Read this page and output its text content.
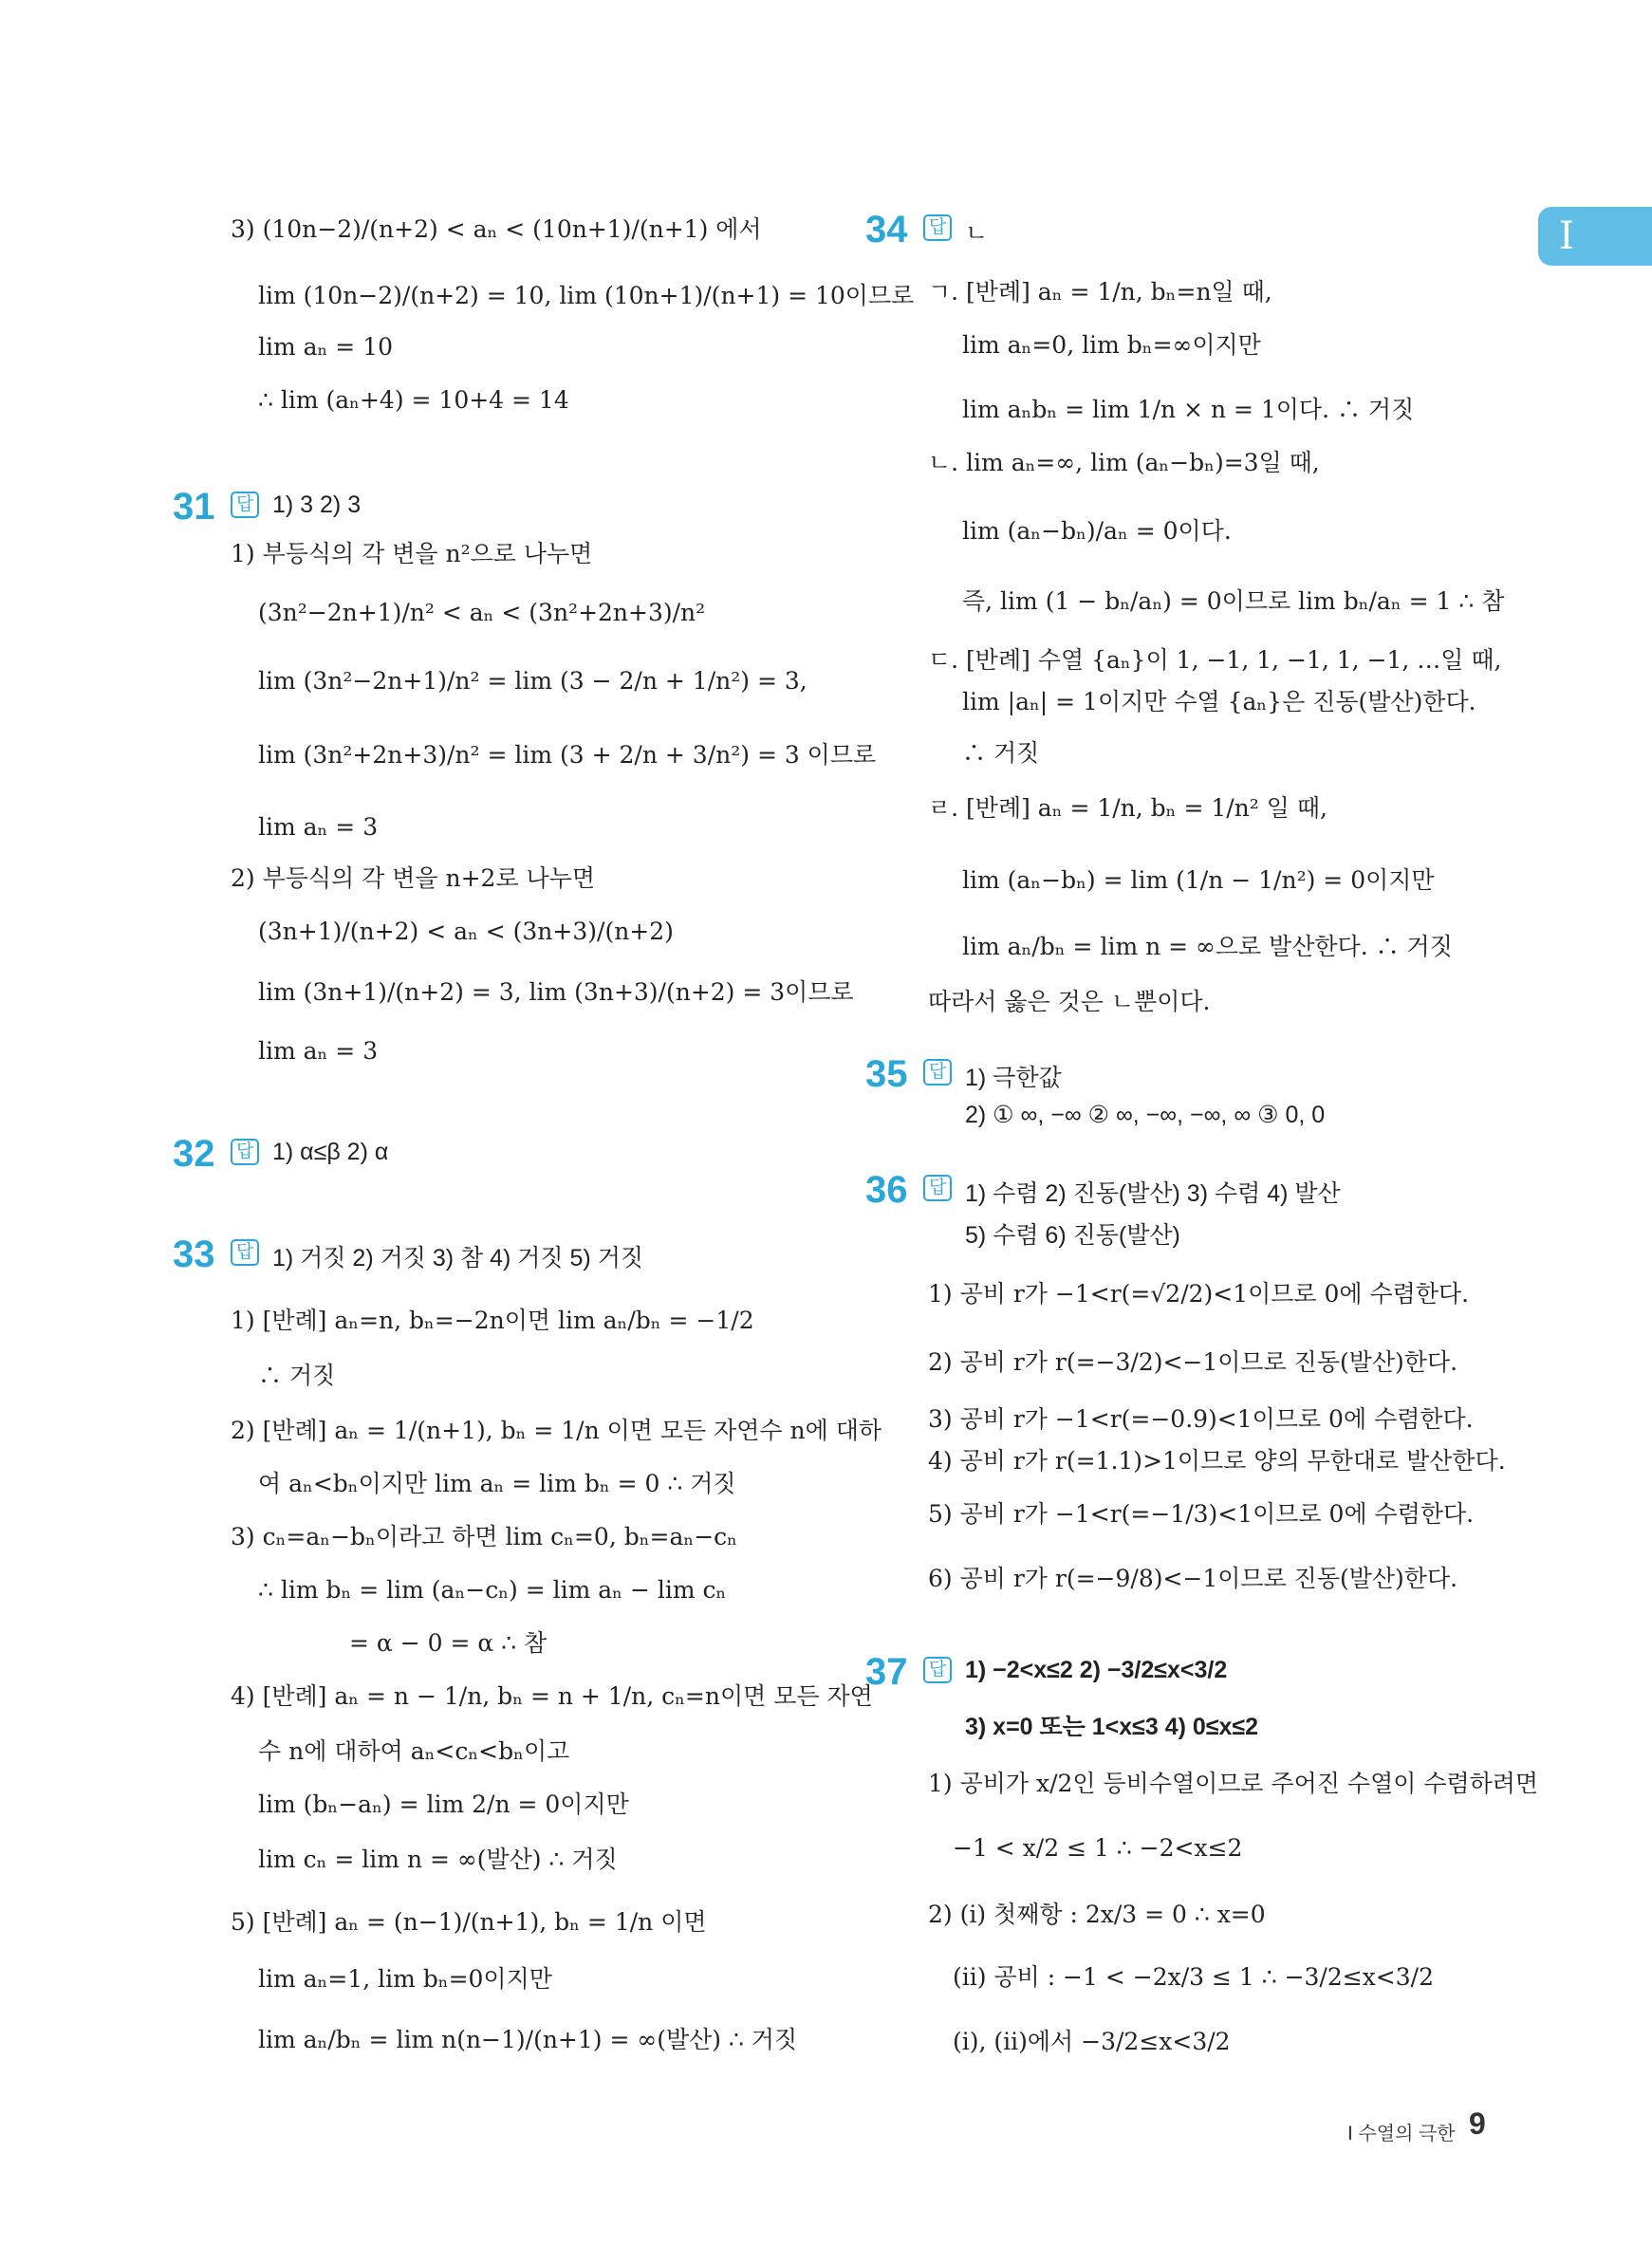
I
3) (10n−2)/(n+2) < aₙ < (10n+1)/(n+1) 에서
lim (10n−2)/(n+2) = 10, lim (10n+1)/(n+1) = 10이므로
lim aₙ = 10
∴ lim (aₙ+4) = 10+4 = 14
31	답 1) 3 2) 3
1) 부등식의 각 변을 n²으로 나누면
(3n²−2n+1)/n² < aₙ < (3n²+2n+3)/n²
lim (3n²−2n+1)/n² = lim (3 − 2/n + 1/n²) = 3,
lim (3n²+2n+3)/n² = lim (3 + 2/n + 3/n²) = 3 이므로
lim aₙ = 3
2) 부등식의 각 변을 n+2로 나누면
(3n+1)/(n+2) < aₙ < (3n+3)/(n+2)
lim (3n+1)/(n+2) = 3, lim (3n+3)/(n+2) = 3이므로
lim aₙ = 3
32	답 1) α≤β 2) α
33	답 1) 거짓 2) 거짓 3) 참 4) 거짓 5) 거짓
1) [반례] aₙ=n, bₙ=−2n이면 lim aₙ/bₙ = −1/2
∴ 거짓
2) [반례] aₙ = 1/(n+1), bₙ = 1/n 이면 모든 자연수 n에 대하
여 aₙ<bₙ이지만 lim aₙ = lim bₙ = 0 ∴ 거짓
3) cₙ=aₙ−bₙ이라고 하면 lim cₙ=0, bₙ=aₙ−cₙ
∴ lim bₙ = lim (aₙ−cₙ) = lim aₙ − lim cₙ
= α − 0 = α ∴ 참
4) [반례] aₙ = n − 1/n, bₙ = n + 1/n, cₙ=n이면 모든 자연
수 n에 대하여 aₙ<cₙ<bₙ이고
lim (bₙ−aₙ) = lim 2/n = 0이지만
lim cₙ = lim n = ∞(발산) ∴ 거짓
5) [반례] aₙ = (n−1)/(n+1), bₙ = 1/n 이면
lim aₙ=1, lim bₙ=0이지만
lim aₙ/bₙ = lim n(n−1)/(n+1) = ∞(발산) ∴ 거짓
34	답 ㄴ
ㄱ. [반례] aₙ = 1/n, bₙ=n일 때,
lim aₙ=0, lim bₙ=∞이지만
lim aₙbₙ = lim 1/n × n = 1이다. ∴ 거짓
ㄴ. lim aₙ=∞, lim (aₙ−bₙ)=3일 때,
lim (aₙ−bₙ)/aₙ = 0이다.
즉, lim (1 − bₙ/aₙ) = 0이므로 lim bₙ/aₙ = 1 ∴ 참
ㄷ. [반례] 수열 {aₙ}이 1, −1, 1, −1, 1, −1, …일 때,
lim |aₙ| = 1이지만 수열 {aₙ}은 진동(발산)한다.
∴ 거짓
ㄹ. [반례] aₙ = 1/n, bₙ = 1/n² 일 때,
lim (aₙ−bₙ) = lim (1/n − 1/n²) = 0이지만
lim aₙ/bₙ = lim n = ∞으로 발산한다. ∴ 거짓
따라서 옳은 것은 ㄴ뿐이다.
35	답 1) 극한값
2) ① ∞, −∞ ② ∞, −∞, −∞, ∞ ③ 0, 0
36	답 1) 수렴 2) 진동(발산) 3) 수렴 4) 발산
5) 수렴 6) 진동(발산)
1) 공비 r가 −1<r(=√2/2)<1이므로 0에 수렴한다.
2) 공비 r가 r(=−3/2)<−1이므로 진동(발산)한다.
3) 공비 r가 −1<r(=−0.9)<1이므로 0에 수렴한다.
4) 공비 r가 r(=1.1)>1이므로 양의 무한대로 발산한다.
5) 공비 r가 −1<r(=−1/3)<1이므로 0에 수렴한다.
6) 공비 r가 r(=−9/8)<−1이므로 진동(발산)한다.
37	답 1) −2<x≤2 2) −3/2≤x<3/2
3) x=0 또는 1<x≤3 4) 0≤x≤2
1) 공비가 x/2인 등비수열이므로 주어진 수열이 수렴하려면
−1 < x/2 ≤ 1 ∴ −2<x≤2
2) (i) 첫째항 : 2x/3 = 0 ∴ x=0
(ii) 공비 : −1 < −2x/3 ≤ 1 ∴ −3/2≤x<3/2
(i), (ii)에서 −3/2≤x<3/2
Ⅰ 수열의 극한 9
